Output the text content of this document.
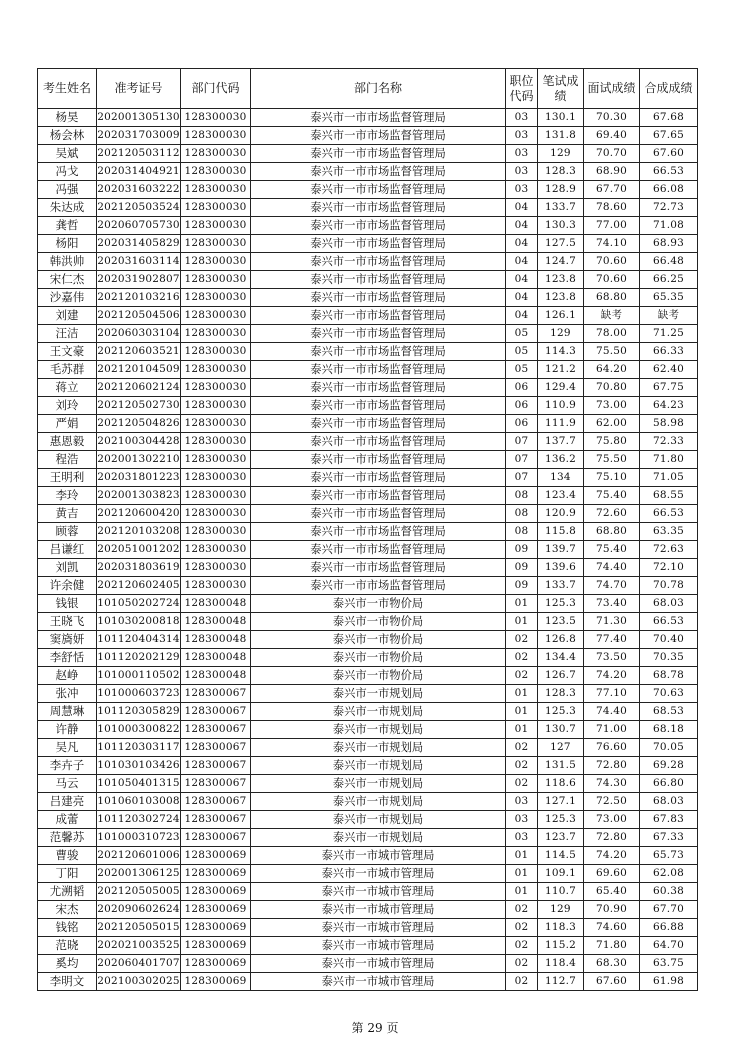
考生姓名	准考证号	部门代码	部门名称	职位代码	笔试成绩	面试成绩	合成成绩
杨昊	202001305130	128300030	泰兴市一市市场监督管理局	03	130.1	70.30	67.68
杨会林	202031703009	128300030	泰兴市一市市场监督管理局	03	131.8	69.40	67.65
吴斌	202120503112	128300030	泰兴市一市市场监督管理局	03	129	70.70	67.60
冯戈	202031404921	128300030	泰兴市一市市场监督管理局	03	128.3	68.90	66.53
冯强	202031603222	128300030	泰兴市一市市场监督管理局	03	128.9	67.70	66.08
朱达成	202120503524	128300030	泰兴市一市市场监督管理局	04	133.7	78.60	72.73
龚哲	202060705730	128300030	泰兴市一市市场监督管理局	04	130.3	77.00	71.08
杨阳	202031405829	128300030	泰兴市一市市场监督管理局	04	127.5	74.10	68.93
韩洪帅	202031603114	128300030	泰兴市一市市场监督管理局	04	124.7	70.60	66.48
宋仁杰	202031902807	128300030	泰兴市一市市场监督管理局	04	123.8	70.60	66.25
沙嘉伟	202120103216	128300030	泰兴市一市市场监督管理局	04	123.8	68.80	65.35
刘建	202120504506	128300030	泰兴市一市市场监督管理局	04	126.1	缺考	缺考
汪洁	202060303104	128300030	泰兴市一市市场监督管理局	05	129	78.00	71.25
王文豪	202120603521	128300030	泰兴市一市市场监督管理局	05	114.3	75.50	66.33
毛苏群	202120104509	128300030	泰兴市一市市场监督管理局	05	121.2	64.20	62.40
蒋立	202120602124	128300030	泰兴市一市市场监督管理局	06	129.4	70.80	67.75
刘玲	202120502730	128300030	泰兴市一市市场监督管理局	06	110.9	73.00	64.23
严娟	202120504826	128300030	泰兴市一市市场监督管理局	06	111.9	62.00	58.98
惠恩毅	202100304428	128300030	泰兴市一市市场监督管理局	07	137.7	75.80	72.33
程浩	202001302210	128300030	泰兴市一市市场监督管理局	07	136.2	75.50	71.80
王明利	202031801223	128300030	泰兴市一市市场监督管理局	07	134	75.10	71.05
李玲	202001303823	128300030	泰兴市一市市场监督管理局	08	123.4	75.40	68.55
黄吉	202120600420	128300030	泰兴市一市市场监督管理局	08	120.9	72.60	66.53
顾蓉	202120103208	128300030	泰兴市一市市场监督管理局	08	115.8	68.80	63.35
吕谦红	202051001202	128300030	泰兴市一市市场监督管理局	09	139.7	75.40	72.63
刘凯	202031803619	128300030	泰兴市一市市场监督管理局	09	139.6	74.40	72.10
许余健	202120602405	128300030	泰兴市一市市场监督管理局	09	133.7	74.70	70.78
钱银	101050202724	128300048	泰兴市一市物价局	01	125.3	73.40	68.03
王晓飞	101030200818	128300048	泰兴市一市物价局	01	123.5	71.30	66.53
窦旖妍	101120404314	128300048	泰兴市一市物价局	02	126.8	77.40	70.40
李舒恬	101120202129	128300048	泰兴市一市物价局	02	134.4	73.50	70.35
赵峥	101000110502	128300048	泰兴市一市物价局	02	126.7	74.20	68.78
张冲	101000603723	128300067	泰兴市一市规划局	01	128.3	77.10	70.63
周慧琳	101120305829	128300067	泰兴市一市规划局	01	125.3	74.40	68.53
许静	101000300822	128300067	泰兴市一市规划局	01	130.7	71.00	68.18
吴凡	101120303117	128300067	泰兴市一市规划局	02	127	76.60	70.05
李卉子	101030103426	128300067	泰兴市一市规划局	02	131.5	72.80	69.28
马云	101050401315	128300067	泰兴市一市规划局	02	118.6	74.30	66.80
吕建亮	101060103008	128300067	泰兴市一市规划局	03	127.1	72.50	68.03
成蕾	101120302724	128300067	泰兴市一市规划局	03	125.3	73.00	67.83
范馨苏	101000310723	128300067	泰兴市一市规划局	03	123.7	72.80	67.33
曹骏	202120601006	128300069	泰兴市一市城市管理局	01	114.5	74.20	65.73
丁阳	202001306125	128300069	泰兴市一市城市管理局	01	109.1	69.60	62.08
尤溯韬	202120505005	128300069	泰兴市一市城市管理局	01	110.7	65.40	60.38
宋杰	202090602624	128300069	泰兴市一市城市管理局	02	129	70.90	67.70
钱铭	202120505015	128300069	泰兴市一市城市管理局	02	118.3	74.60	66.88
范晓	202021003525	128300069	泰兴市一市城市管理局	02	115.2	71.80	64.70
奚均	202060401707	128300069	泰兴市一市城市管理局	02	118.4	68.30	63.75
李明文	202100302025	128300069	泰兴市一市城市管理局	02	112.7	67.60	61.98
第 29 页
